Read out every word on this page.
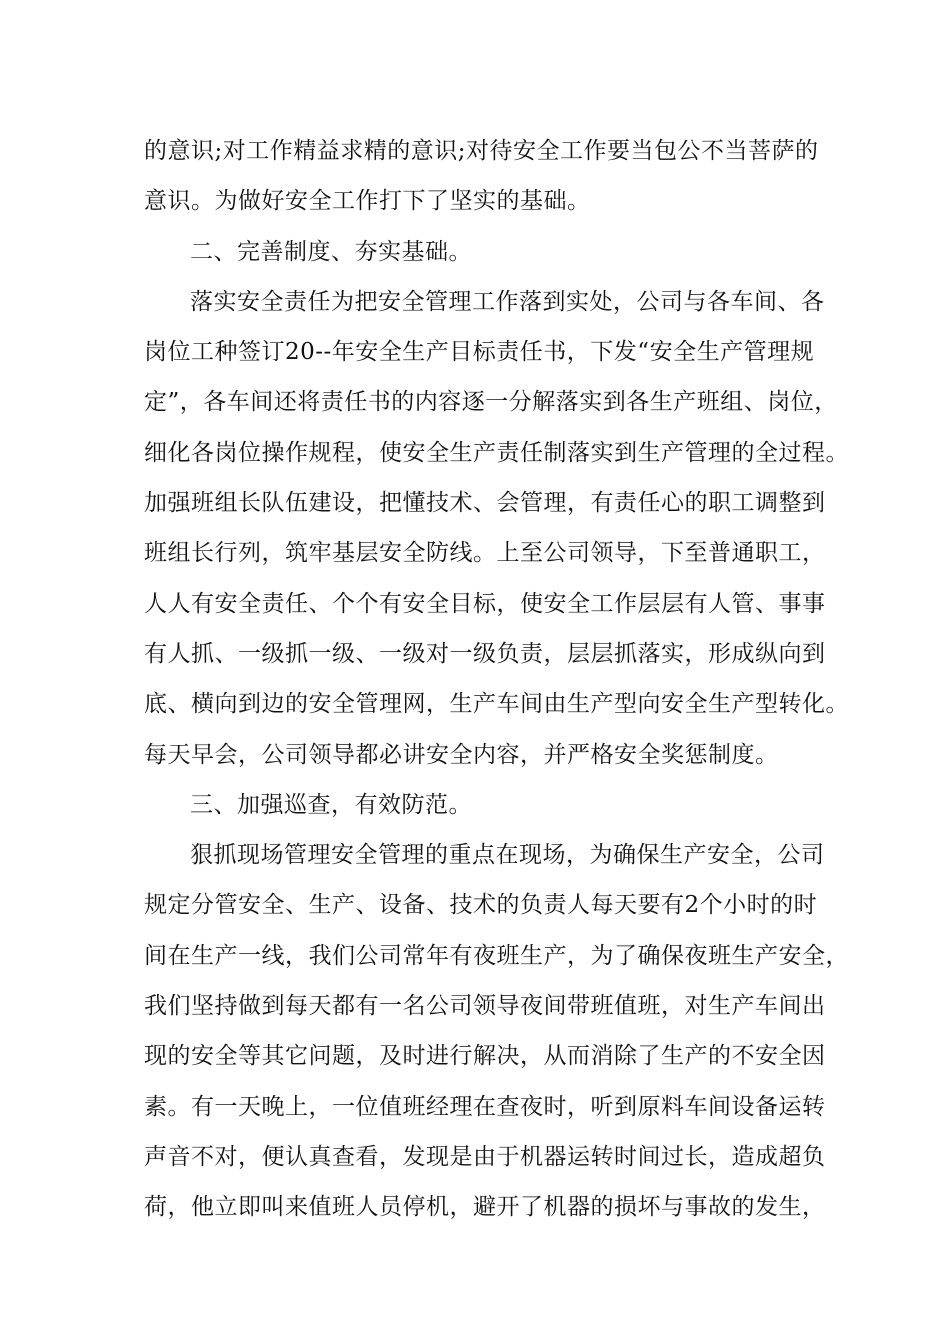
的意识;对工作精益求精的意识;对待安全工作要当包公不当菩萨的
意识。为做好安全工作打下了坚实的基础。
二、完善制度、夯实基础。
落实安全责任为把安全管理工作落到实处，公司与各车间、各
岗位工种签订20--年安全生产目标责任书，下发“安全生产管理规
定”，各车间还将责任书的内容逐一分解落实到各生产班组、岗位，
细化各岗位操作规程，使安全生产责任制落实到生产管理的全过程。
加强班组长队伍建设，把懂技术、会管理，有责任心的职工调整到
班组长行列，筑牢基层安全防线。上至公司领导，下至普通职工，
人人有安全责任、个个有安全目标，使安全工作层层有人管、事事
有人抓、一级抓一级、一级对一级负责，层层抓落实，形成纵向到
底、横向到边的安全管理网，生产车间由生产型向安全生产型转化。
每天早会，公司领导都必讲安全内容，并严格安全奖惩制度。
三、加强巡查，有效防范。
狠抓现场管理安全管理的重点在现场，为确保生产安全，公司
规定分管安全、生产、设备、技术的负责人每天要有2个小时的时
间在生产一线，我们公司常年有夜班生产，为了确保夜班生产安全，
我们坚持做到每天都有一名公司领导夜间带班值班，对生产车间出
现的安全等其它问题，及时进行解决，从而消除了生产的不安全因
素。有一天晚上，一位值班经理在查夜时，听到原料车间设备运转
声音不对，便认真查看，发现是由于机器运转时间过长，造成超负
荷，他立即叫来值班人员停机，避开了机器的损坏与事故的发生，
